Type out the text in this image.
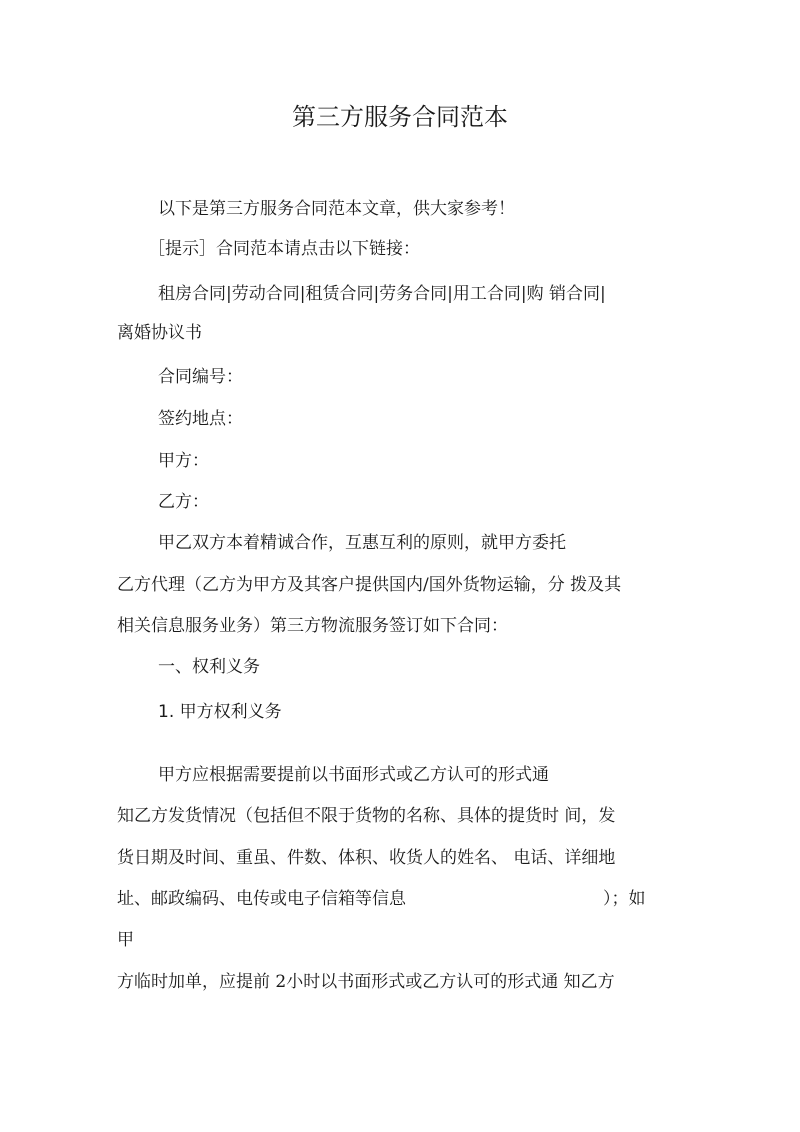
第三方服务合同范本

以下是第三方服务合同范本文章，供大家参考！

［提示］合同范本请点击以下链接：

租房合同|劳动合同|租赁合同|劳务合同|用工合同|购 销合同|

离婚协议书

合同编号：

签约地点：

甲方：

乙方：

甲乙双方本着精诚合作，互惠互利的原则，就甲方委托

乙方代理（乙方为甲方及其客户提供国内/国外货物运输，分 拨及其

相关信息服务业务）第三方物流服务签订如下合同：

一、权利义务

1. 甲方权利义务

甲方应根据需要提前以书面形式或乙方认可的形式通

知乙方发货情况（包括但不限于货物的名称、具体的提货时 间，发

货日期及时间、重虽、件数、体积、收货人的姓名、 电话、详细地

址、邮政编码、电传或电子信箱等信息	）；如

甲

方临时加单，应提前 2小时以书面形式或乙方认可的形式通 知乙方
